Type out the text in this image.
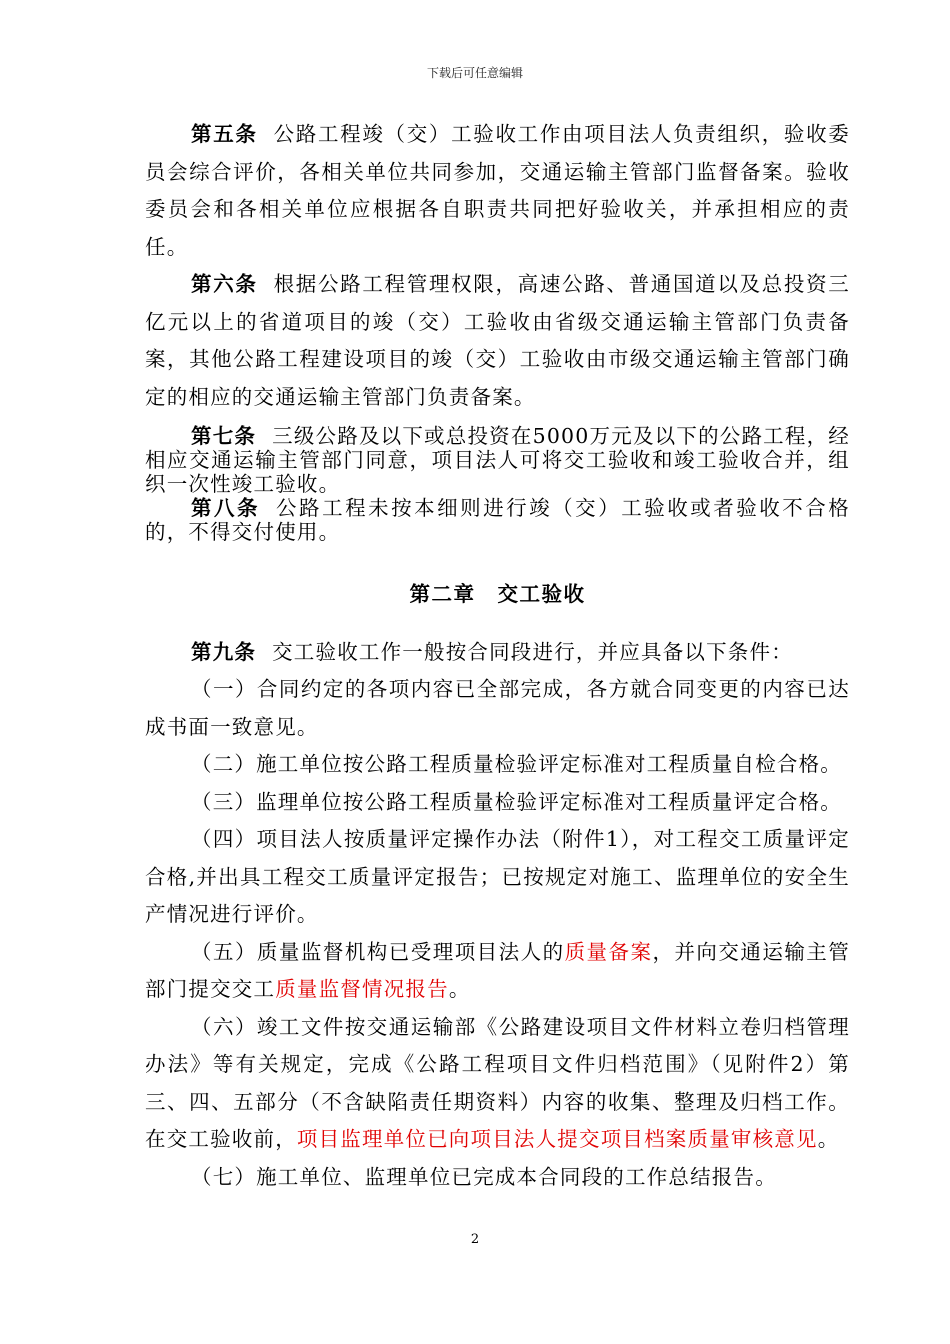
下载后可任意编辑

第五条 公路工程竣（交）工验收工作由项目法人负责组织，验收委员会综合评价，各相关单位共同参加，交通运输主管部门监督备案。验收委员会和各相关单位应根据各自职责共同把好验收关，并承担相应的责任。

第六条 根据公路工程管理权限，高速公路、普通国道以及总投资三亿元以上的省道项目的竣（交）工验收由省级交通运输主管部门负责备案，其他公路工程建设项目的竣（交）工验收由市级交通运输主管部门确定的相应的交通运输主管部门负责备案。

第七条 三级公路及以下或总投资在5000万元及以下的公路工程，经相应交通运输主管部门同意，项目法人可将交工验收和竣工验收合并，组织一次性竣工验收。

第八条 公路工程未按本细则进行竣（交）工验收或者验收不合格的，不得交付使用。

第二章　交工验收

第九条 交工验收工作一般按合同段进行，并应具备以下条件：

（一）合同约定的各项内容已全部完成，各方就合同变更的内容已达成书面一致意见。

（二）施工单位按公路工程质量检验评定标准对工程质量自检合格。

（三）监理单位按公路工程质量检验评定标准对工程质量评定合格。

（四）项目法人按质量评定操作办法（附件1），对工程交工质量评定合格,并出具工程交工质量评定报告；已按规定对施工、监理单位的安全生产情况进行评价。

（五）质量监督机构已受理项目法人的质量备案，并向交通运输主管部门提交交工质量监督情况报告。

（六）竣工文件按交通运输部《公路建设项目文件材料立卷归档管理办法》等有关规定，完成《公路工程项目文件归档范围》（见附件2）第三、四、五部分（不含缺陷责任期资料）内容的收集、整理及归档工作。在交工验收前，项目监理单位已向项目法人提交项目档案质量审核意见。

（七）施工单位、监理单位已完成本合同段的工作总结报告。

2
